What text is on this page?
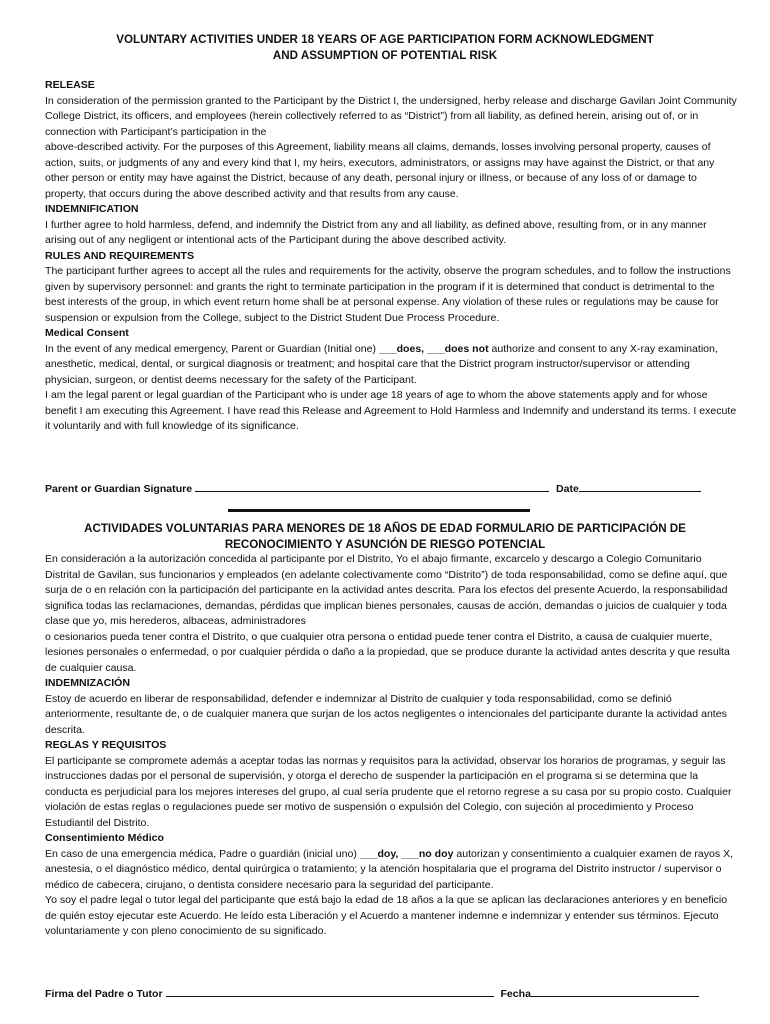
VOLUNTARY ACTIVITIES UNDER 18 YEARS OF AGE PARTICIPATION FORM ACKNOWLEDGMENT
AND ASSUMPTION OF POTENTIAL RISK

RELEASE

In consideration of the permission granted to the Participant by the District I, the undersigned, herby release and discharge Gavilan Joint Community College District, its officers, and employees (herein collectively referred to as “District”) from all liability, as defined herein, arising out of, or in connection with Participant’s participation in the

above-described activity. For the purposes of this Agreement, liability means all claims, demands, losses involving personal property, causes of action, suits, or judgments of any and every kind that I, my heirs, executors, administrators, or assigns may have against the District, or that any other person or entity may have against the District, because of any death, personal injury or illness, or because of any loss of or damage to

property, that occurs during the above described activity and that results from any cause.

INDEMNIFICATION

I further agree to hold harmless, defend, and indemnify the District from any and all liability, as defined above, resulting from, or in any manner arising out of any negligent or intentional acts of the Participant during the above described activity.

RULES AND REQUIREMENTS

The participant further agrees to accept all the rules and requirements for the activity, observe the program schedules, and to follow the instructions given by supervisory personnel: and grants the right to terminate participation in the program if it is determined that conduct is detrimental to the best interests of the group, in which event return home shall be at personal expense. Any violation of these rules or regulations may be cause for suspension or expulsion from the College, subject to the District Student Due Process Procedure.

Medical Consent

In the event of any medical emergency, Parent or Guardian (Initial one) ___does, ___does not authorize and consent to any X-ray examination, anesthetic, medical, dental, or surgical diagnosis or treatment; and hospital care that the District program instructor/supervisor or attending physician, surgeon, or dentist deems necessary for the safety of the Participant.

I am the legal parent or legal guardian of the Participant who is under age 18 years of age to whom the above statements apply and for whose benefit I am executing this Agreement. I have read this Release and Agreement to Hold Harmless and Indemnify and understand its terms. I execute it voluntarily and with full knowledge of its significance.

Parent or Guardian Signature	Date
ACTIVIDADES VOLUNTARIAS PARA MENORES DE 18 AÑOS DE EDAD FORMULARIO DE PARTICIPACIÓN DE
RECONOCIMIENTO Y ASUNCIÓN DE RIESGO POTENCIAL

En consideración a la autorización concedida al participante por el Distrito, Yo el abajo firmante, excarcelo y descargo a Colegio Comunitario Distrital de Gavilan, sus funcionarios y empleados (en adelante colectivamente como “Distrito”) de toda responsabilidad, como se define aquí, que surja de o en relación con la participación del participante en la actividad antes descrita. Para los efectos del presente Acuerdo, la responsabilidad significa todas las reclamaciones, demandas, pérdidas que implican bienes personales, causas de acción, demandas o juicios de cualquier y toda clase que yo, mis herederos, albaceas, administradores

o cesionarios pueda tener contra el Distrito, o que cualquier otra persona o entidad puede tener contra el Distrito, a causa de cualquier muerte, lesiones personales o enfermedad, o por cualquier pérdida o daño a la propiedad, que se produce durante la actividad antes descrita y que resulta de cualquier causa.

INDEMNIZACIÓN

Estoy de acuerdo en liberar de responsabilidad, defender e indemnizar al Distrito de cualquier y toda responsabilidad, como se definió anteriormente, resultante de, o de cualquier manera que surjan de los actos negligentes o intencionales del participante durante la actividad antes descrita.

REGLAS Y REQUISITOS

El participante se compromete además a aceptar todas las normas y requisitos para la actividad, observar los horarios de programas, y seguir las instrucciones dadas por el personal de supervisión, y otorga el derecho de suspender la participación en el programa si se determina que la conducta es perjudicial para los mejores intereses del grupo, al cual sería prudente que el retorno regrese a su casa por su propio costo. Cualquier violación de estas reglas o regulaciones puede ser motivo de suspensión o expulsión del Colegio, con sujeción al procedimiento y Proceso Estudiantil del Distrito.

Consentimiento Médico

En caso de una emergencia médica, Padre o guardián (inicial uno) ___doy, ___no doy autorizan y consentimiento a cualquier examen de rayos X, anestesia, o el diagnóstico médico, dental quirúrgica o tratamiento; y la atención hospitalaria que el programa del Distrito instructor / supervisor o médico de cabecera, cirujano, o dentista considere necesario para la seguridad del participante.

Yo soy el padre legal o tutor legal del participante que está bajo la edad de 18 años a la que se aplican las declaraciones anteriores y en beneficio de quién estoy ejecutar este Acuerdo. He leído esta Liberación y el Acuerdo a mantener indemne e indemnizar y entender sus términos. Ejecuto voluntariamente y con pleno conocimiento de su significado.

Firma del Padre o Tutor	Fecha
